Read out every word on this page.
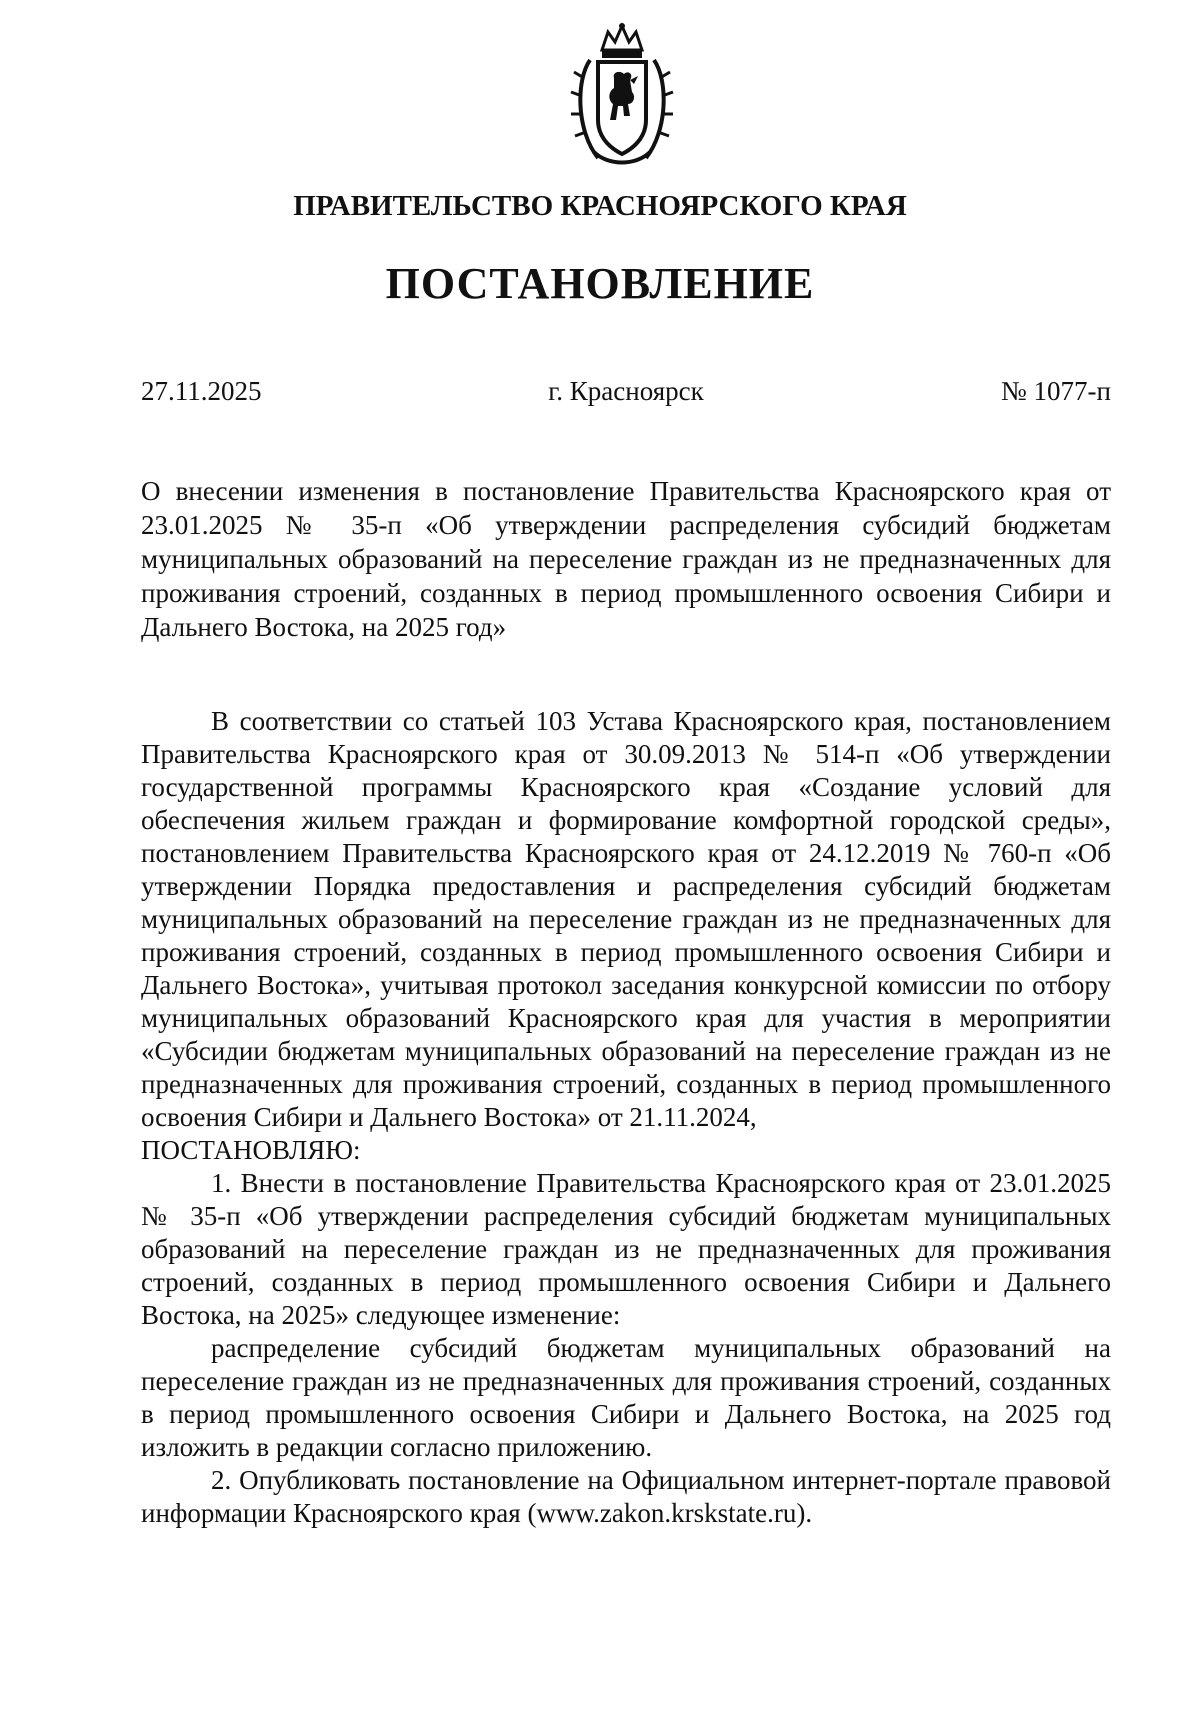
ПРАВИТЕЛЬСТВО КРАСНОЯРСКОГО КРАЯ
ПОСТАНОВЛЕНИЕ
г. Красноярск
27.11.2025	№ 1077-п
О внесении изменения в постановление Правительства Красноярского края от 23.01.2025 № 35-п «Об утверждении распределения субсидий бюджетам муниципальных образований на переселение граждан из не предназначенных для проживания строений, созданных в период промышленного освоения Сибири и Дальнего Востока, на 2025 год»

В соответствии со статьей 103 Устава Красноярского края, постановлением Правительства Красноярского края от 30.09.2013 № 514-п «Об утверждении государственной программы Красноярского края «Создание условий для обеспечения жильем граждан и формирование комфортной городской среды», постановлением Правительства Красноярского края от 24.12.2019 № 760-п «Об утверждении Порядка предоставления и распределения субсидий бюджетам муниципальных образований на переселение граждан из не предназначенных для проживания строений, созданных в период промышленного освоения Сибири и Дальнего Востока», учитывая протокол заседания конкурсной комиссии по отбору муниципальных образований Красноярского края для участия в мероприятии «Субсидии бюджетам муниципальных образований на переселение граждан из не предназначенных для проживания строений, созданных в период промышленного освоения Сибири и Дальнего Востока» от 21.11.2024,

ПОСТАНОВЛЯЮ:

1. Внести в постановление Правительства Красноярского края от 23.01.2025 № 35-п «Об утверждении распределения субсидий бюджетам муниципальных образований на переселение граждан из не предназначенных для проживания строений, созданных в период промышленного освоения Сибири и Дальнего Востока, на 2025» следующее изменение:

распределение субсидий бюджетам муниципальных образований на переселение граждан из не предназначенных для проживания строений, созданных в период промышленного освоения Сибири и Дальнего Востока, на 2025 год изложить в редакции согласно приложению.

2. Опубликовать постановление на Официальном интернет-портале правовой информации Красноярского края (www.zakon.krskstate.ru).
